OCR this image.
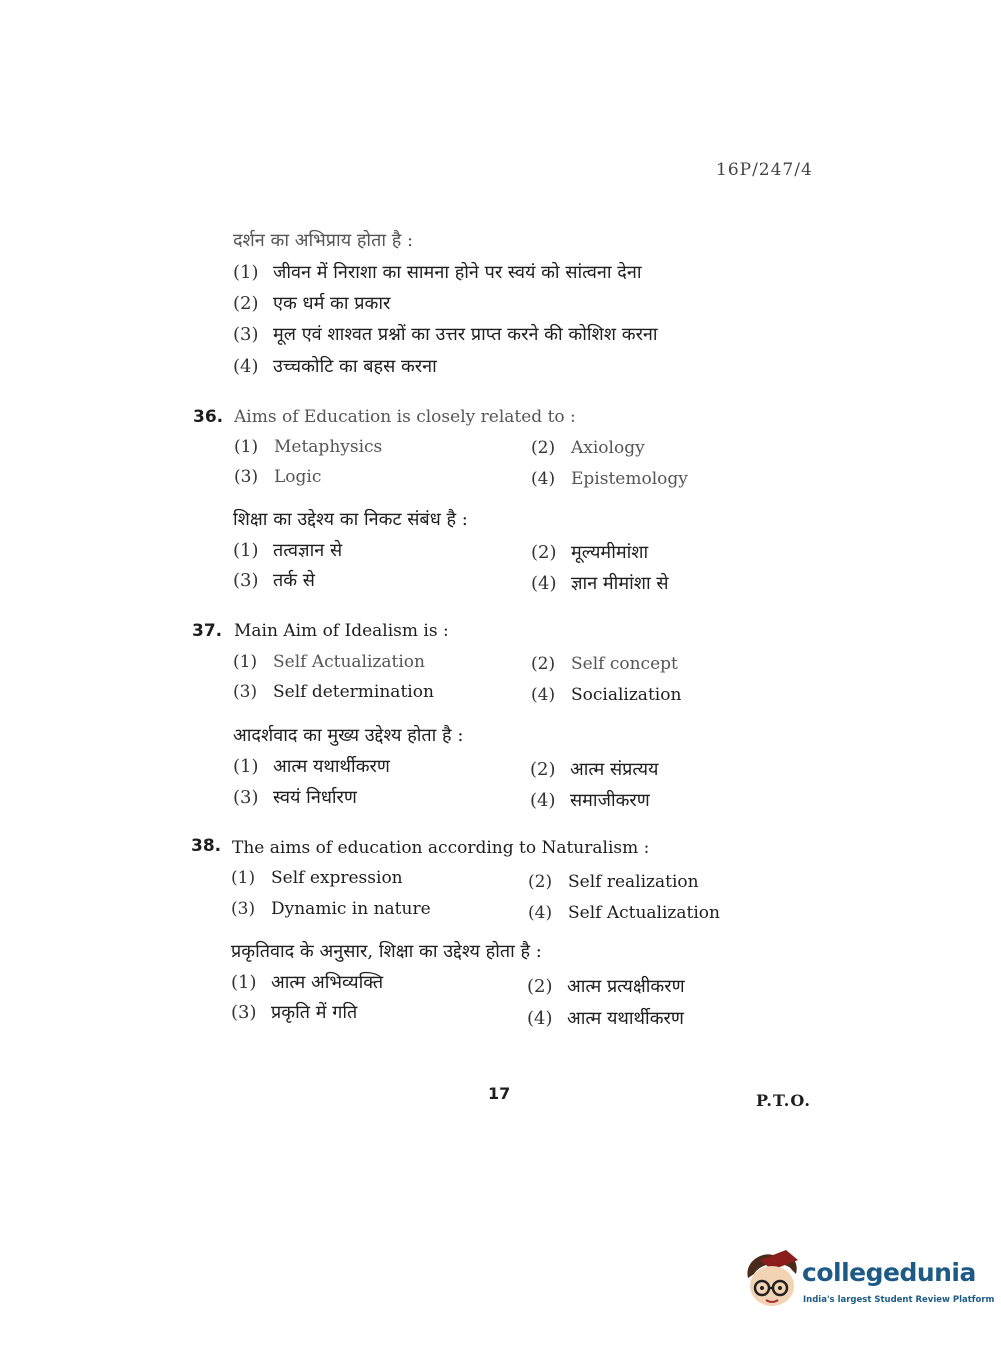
16P/247/4
दर्शन का अभिप्राय होता है :
(1) जीवन में निराशा का सामना होने पर स्वयं को सांत्वना देना
(2) एक धर्म का प्रकार
(3) मूल एवं शाश्वत प्रश्नों का उत्तर प्राप्त करने की कोशिश करना
(4) उच्चकोटि का बहस करना
36. Aims of Education is closely related to :
(1) Metaphysics	(2) Axiology
(3) Logic	(4) Epistemology
शिक्षा का उद्देश्य का निकट संबंध है :
(1) तत्वज्ञान से	(2) मूल्यमीमांशा
(3) तर्क से	(4) ज्ञान मीमांशा से
37. Main Aim of Idealism is :
(1) Self Actualization	(2) Self concept
(3) Self determination	(4) Socialization
आदर्शवाद का मुख्य उद्देश्य होता है :
(1) आत्म यथार्थीकरण	(2) आत्म संप्रत्यय
(3) स्वयं निर्धारण	(4) समाजीकरण
38. The aims of education according to Naturalism :
(1) Self expression	(2) Self realization
(3) Dynamic in nature	(4) Self Actualization
प्रकृतिवाद के अनुसार, शिक्षा का उद्देश्य होता है :
(1) आत्म अभिव्यक्ति	(2) आत्म प्रत्यक्षीकरण
(3) प्रकृति में गति	(4) आत्म यथार्थीकरण
17	P.T.O.
collegedunia
India's largest Student Review Platform
